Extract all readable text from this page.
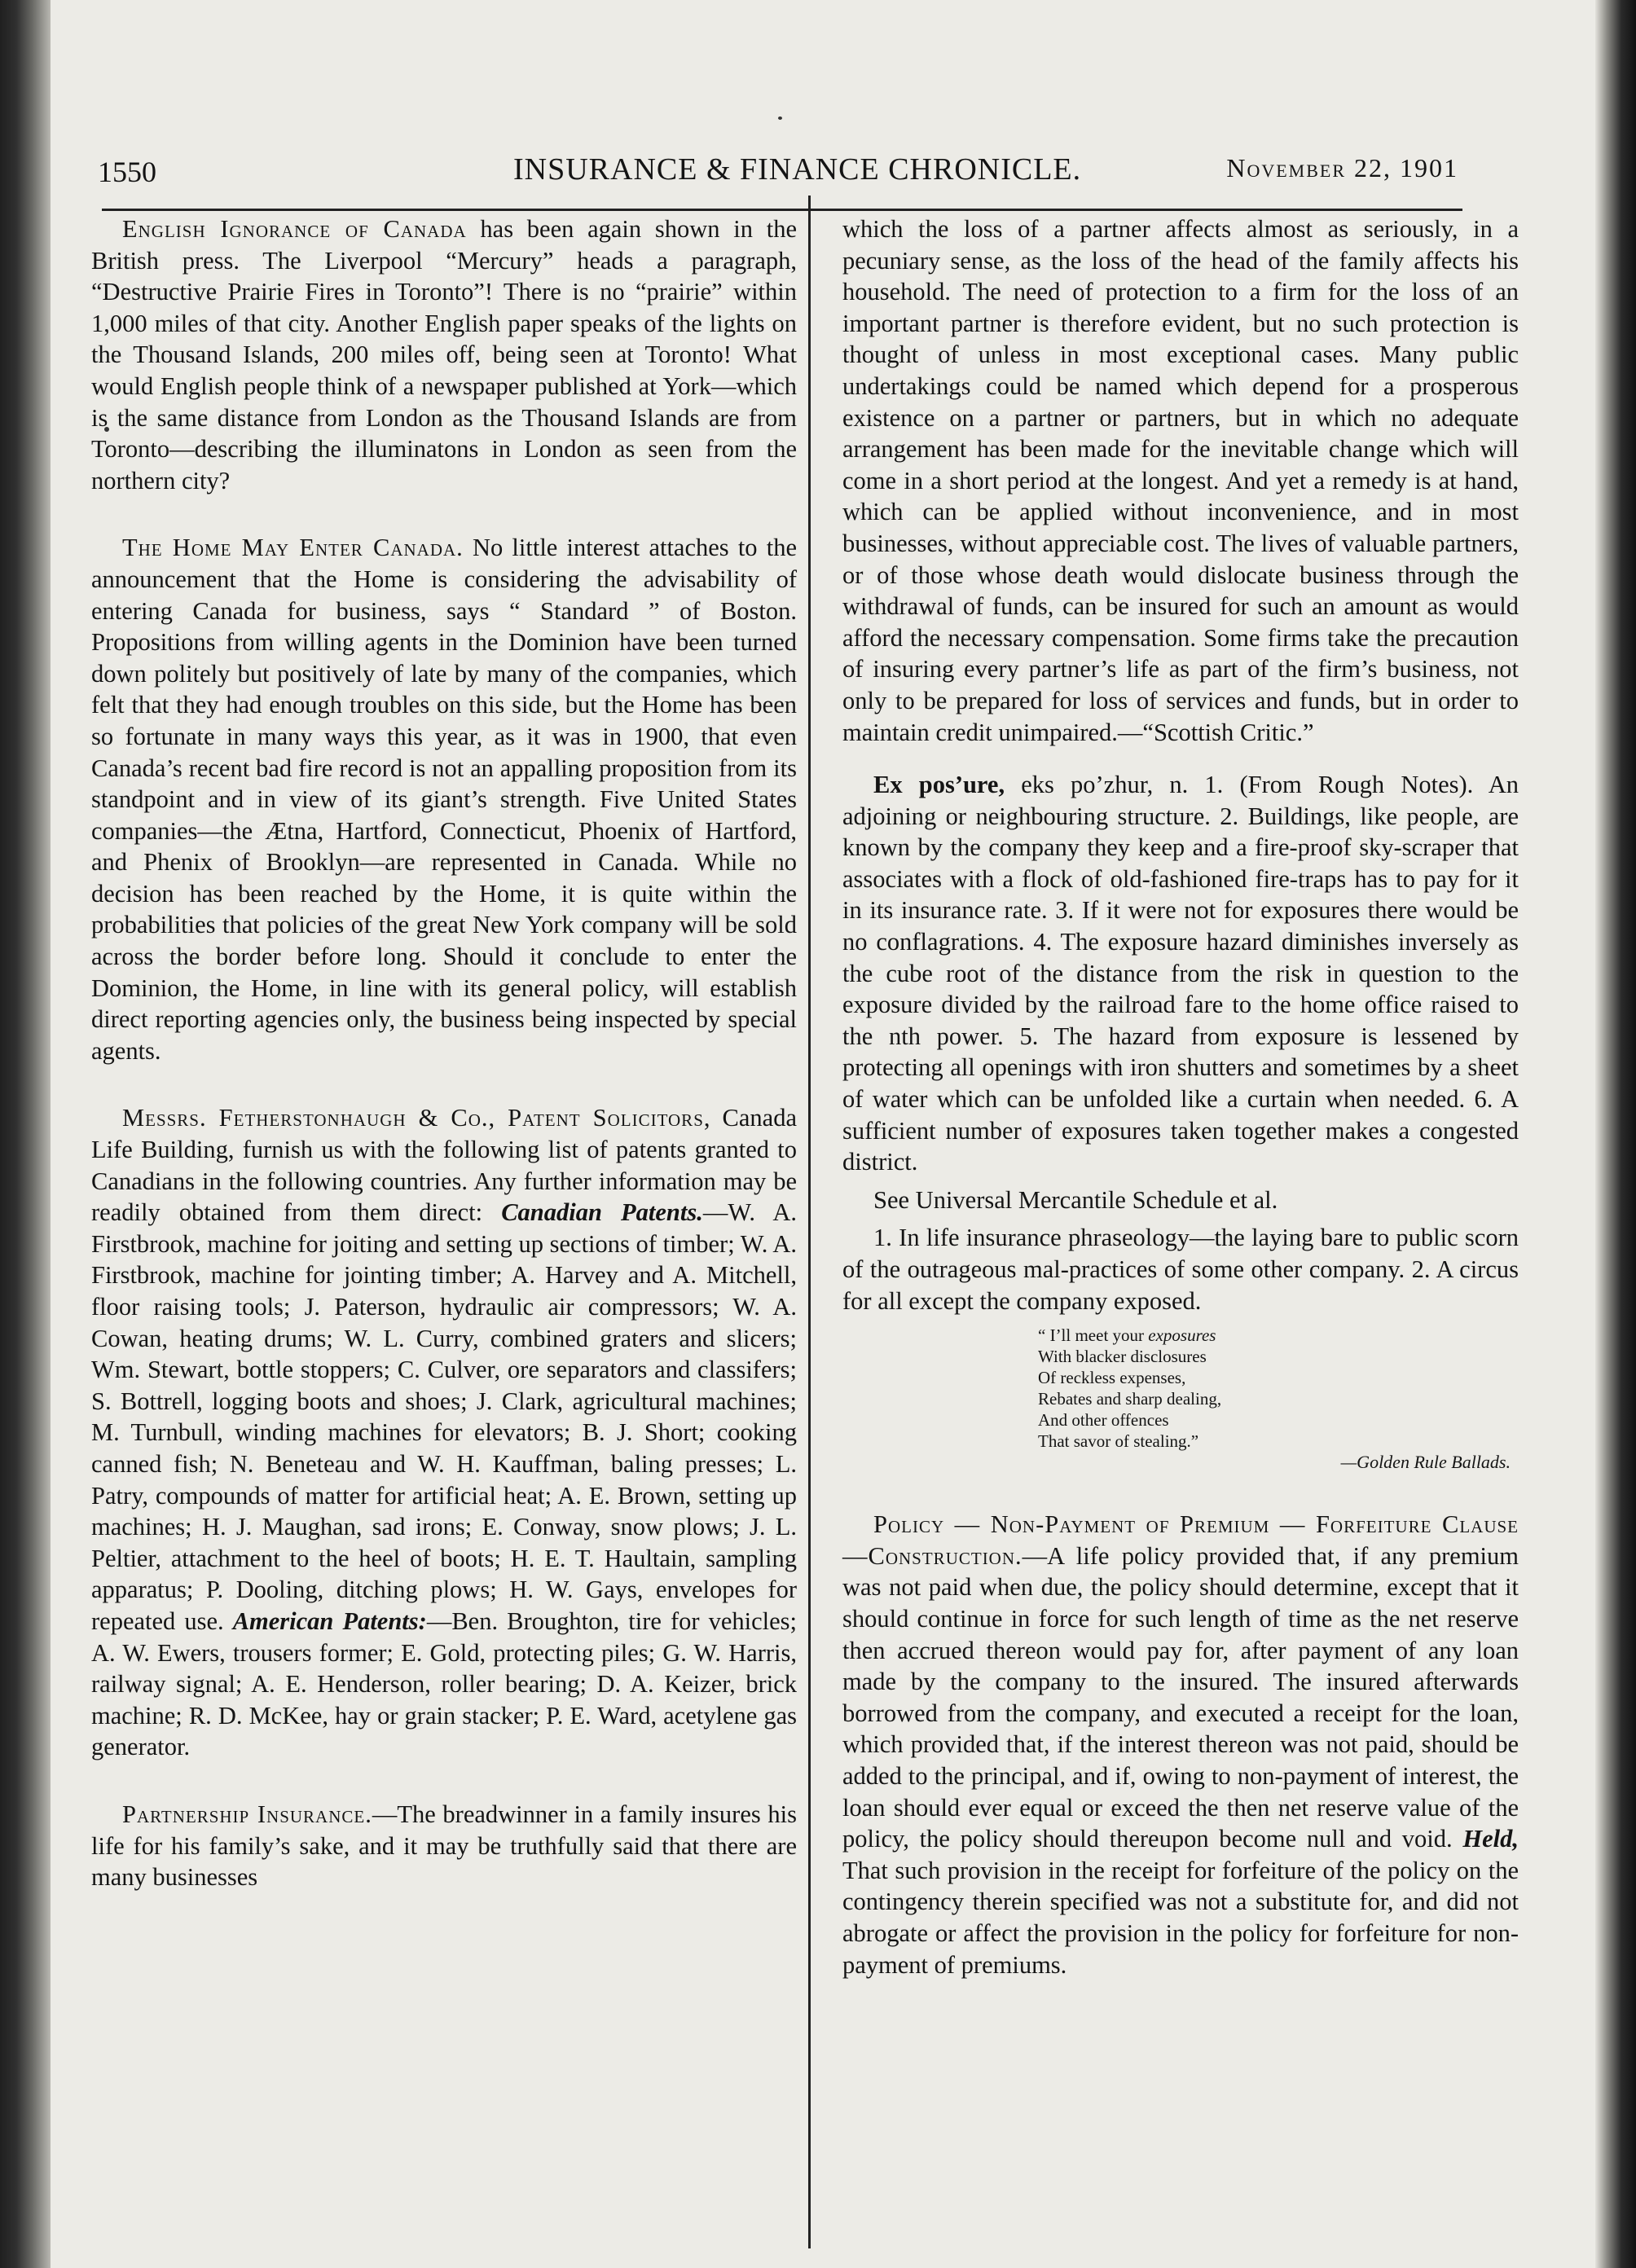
1550	INSURANCE & FINANCE CHRONICLE.	November 22, 1901

English Ignorance of Canada has been again shown in the British press. The Liverpool “Mercury” heads a paragraph, “Destructive Prairie Fires in Toronto”! There is no “prairie” within 1,000 miles of that city. Another English paper speaks of the lights on the Thousand Islands, 200 miles off, being seen at Toronto! What would English people think of a newspaper published at York—which is the same distance from London as the Thousand Islands are from Toronto—describing the illuminatons in London as seen from the northern city?

The Home May Enter Canada. No little interest attaches to the announcement that the Home is considering the advisability of entering Canada for business, says “ Standard ” of Boston. Propositions from willing agents in the Dominion have been turned down politely but positively of late by many of the companies, which felt that they had enough troubles on this side, but the Home has been so fortunate in many ways this year, as it was in 1900, that even Canada’s recent bad fire record is not an appalling proposition from its standpoint and in view of its giant’s strength. Five United States companies—the Ætna, Hartford, Connecticut, Phoenix of Hartford, and Phenix of Brooklyn—are represented in Canada. While no decision has been reached by the Home, it is quite within the probabilities that policies of the great New York company will be sold across the border before long. Should it conclude to enter the Dominion, the Home, in line with its general policy, will establish direct reporting agencies only, the business being inspected by special agents.

Messrs. Fetherstonhaugh & Co., Patent Solicitors, Canada Life Building, furnish us with the following list of patents granted to Canadians in the following countries. Any further information may be readily obtained from them direct: Canadian Patents.—W. A. Firstbrook, machine for joiting and setting up sections of timber; W. A. Firstbrook, machine for jointing timber; A. Harvey and A. Mitchell, floor raising tools; J. Paterson, hydraulic air compressors; W. A. Cowan, heating drums; W. L. Curry, combined graters and slicers; Wm. Stewart, bottle stoppers; C. Culver, ore separators and classifers; S. Bottrell, logging boots and shoes; J. Clark, agricultural machines; M. Turnbull, winding machines for elevators; B. J. Short; cooking canned fish; N. Beneteau and W. H. Kauffman, baling presses; L. Patry, compounds of matter for artificial heat; A. E. Brown, setting up machines; H. J. Maughan, sad irons; E. Conway, snow plows; J. L. Peltier, attachment to the heel of boots; H. E. T. Haultain, sampling apparatus; P. Dooling, ditching plows; H. W. Gays, envelopes for repeated use. American Patents:—Ben. Broughton, tire for vehicles; A. W. Ewers, trousers former; E. Gold, protecting piles; G. W. Harris, railway signal; A. E. Henderson, roller bearing; D. A. Keizer, brick machine; R. D. McKee, hay or grain stacker; P. E. Ward, acetylene gas generator.

Partnership Insurance.—The breadwinner in a family insures his life for his family’s sake, and it may be truthfully said that there are many businesses

which the loss of a partner affects almost as seriously, in a pecuniary sense, as the loss of the head of the family affects his household. The need of protection to a firm for the loss of an important partner is therefore evident, but no such protection is thought of unless in most exceptional cases. Many public undertakings could be named which depend for a prosperous existence on a partner or partners, but in which no adequate arrangement has been made for the inevitable change which will come in a short period at the longest. And yet a remedy is at hand, which can be applied without inconvenience, and in most businesses, without appreciable cost. The lives of valuable partners, or of those whose death would dislocate business through the withdrawal of funds, can be insured for such an amount as would afford the necessary compensation. Some firms take the precaution of insuring every partner’s life as part of the firm’s business, not only to be prepared for loss of services and funds, but in order to maintain credit unimpaired.—“Scottish Critic.”

Ex pos’ure, eks po’zhur, n. 1. (From Rough Notes). An adjoining or neighbouring structure. 2. Buildings, like people, are known by the company they keep and a fire-proof sky-scraper that associates with a flock of old-fashioned fire-traps has to pay for it in its insurance rate. 3. If it were not for exposures there would be no conflagrations. 4. The exposure hazard diminishes inversely as the cube root of the distance from the risk in question to the exposure divided by the railroad fare to the home office raised to the nth power. 5. The hazard from exposure is lessened by protecting all openings with iron shutters and sometimes by a sheet of water which can be unfolded like a curtain when needed. 6. A sufficient number of exposures taken together makes a congested district.

See Universal Mercantile Schedule et al.

1. In life insurance phraseology—the laying bare to public scorn of the outrageous mal-practices of some other company. 2. A circus for all except the company exposed.

“ I’ll meet your exposures
With blacker disclosures
Of reckless expenses,
Rebates and sharp dealing,
And other offences
That savor of stealing.”
—Golden Rule Ballads.

Policy — Non-Payment of Premium — Forfeiture Clause—Construction.—A life policy provided that, if any premium was not paid when due, the policy should determine, except that it should continue in force for such length of time as the net reserve then accrued thereon would pay for, after payment of any loan made by the company to the insured. The insured afterwards borrowed from the company, and executed a receipt for the loan, which provided that, if the interest thereon was not paid, should be added to the principal, and if, owing to non-payment of interest, the loan should ever equal or exceed the then net reserve value of the policy, the policy should thereupon become null and void. Held, That such provision in the receipt for forfeiture of the policy on the contingency therein specified was not a substitute for, and did not abrogate or affect the provision in the policy for forfeiture for non-payment of premiums.
